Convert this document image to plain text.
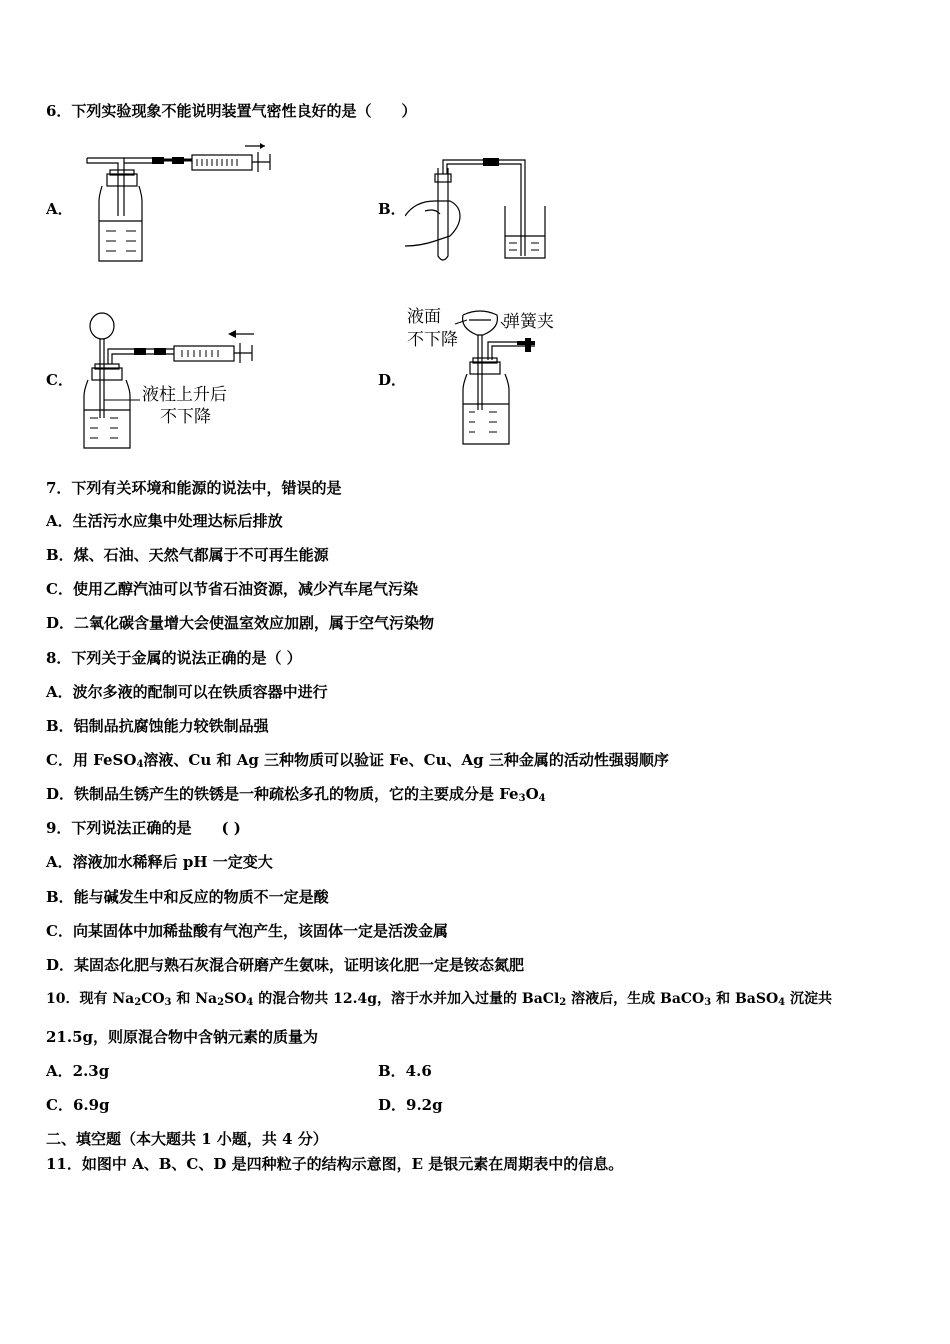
6．下列实验现象不能说明装置气密性良好的是（　　）
A．	B．
C．
液柱上升后
不下降
D．
液面
不下降
弹簧夹
7．下列有关环境和能源的说法中，错误的是
A．生活污水应集中处理达标后排放
B．煤、石油、天然气都属于不可再生能源
C．使用乙醇汽油可以节省石油资源，减少汽车尾气污染
D．二氧化碳含量增大会使温室效应加剧，属于空气污染物
8．下列关于金属的说法正确的是（ ）
A．波尔多液的配制可以在铁质容器中进行
B．铝制品抗腐蚀能力较铁制品强
C．用 FeSO$_4$溶液、Cu 和 Ag 三种物质可以验证 Fe、Cu、Ag 三种金属的活动性强弱顺序
D．铁制品生锈产生的铁锈是一种疏松多孔的物质，它的主要成分是 $Fe_3O_4$
9．下列说法正确的是　　( )
A．溶液加水稀释后 pH 一定变大
B．能与碱发生中和反应的物质不一定是酸
C．向某固体中加稀盐酸有气泡产生，该固体一定是活泼金属
D．某固态化肥与熟石灰混合研磨产生氨味，证明该化肥一定是铵态氮肥
10．现有 $Na_2CO_3$ 和 $Na_2SO_4$ 的混合物共 12.4g，溶于水并加入过量的 BaCl$_2$ 溶液后，生成 BaCO$_3$ 和 BaSO$_4$ 沉淀共
21.5g，则原混合物中含钠元素的质量为
A．2.3g	B．4.6
C．6.9g	D．9.2g
二、填空题（本大题共 1 小题，共 4 分）
11．如图中 A、B、C、D 是四种粒子的结构示意图，E 是银元素在周期表中的信息。
